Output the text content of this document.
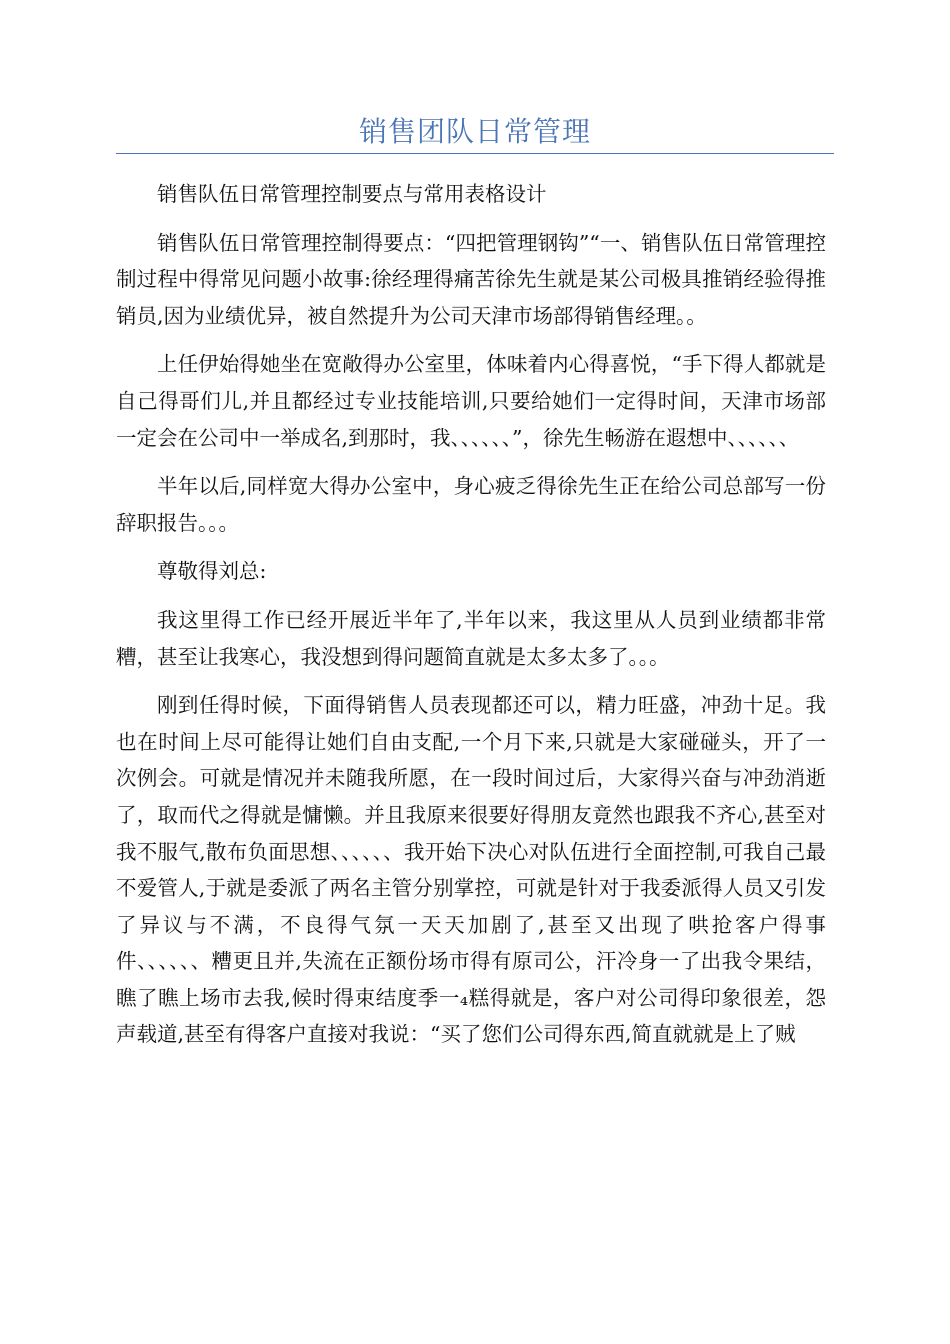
销售团队日常管理

销售队伍日常管理控制要点与常用表格设计

销售队伍日常管理控制得要点：“四把管理钢钩”“一、销售队伍日常管理控制过程中得常见问题小故事:徐经理得痛苦徐先生就是某公司极具推销经验得推销员,因为业绩优异，被自然提升为公司天津市场部得销售经理。。

上任伊始得她坐在宽敞得办公室里，体味着内心得喜悦，“手下得人都就是自己得哥们儿,并且都经过专业技能培训,只要给她们一定得时间，天津市场部一定会在公司中一举成名,到那时，我、、、、、、”，徐先生畅游在遐想中、、、、、、

半年以后,同样宽大得办公室中，身心疲乏得徐先生正在给公司总部写一份辞职报告。。。

尊敬得刘总:

我这里得工作已经开展近半年了,半年以来，我这里从人员到业绩都非常糟，甚至让我寒心，我没想到得问题简直就是太多太多了。。。

刚到任得时候，下面得销售人员表现都还可以，精力旺盛，冲劲十足。我也在时间上尽可能得让她们自由支配,一个月下来,只就是大家碰碰头，开了一次例会。可就是情况并未随我所愿，在一段时间过后，大家得兴奋与冲劲消逝了，取而代之得就是慵懒。并且我原来很要好得朋友竟然也跟我不齐心,甚至对我不服气,散布负面思想、、、、、、我开始下决心对队伍进行全面控制,可我自己最不爱管人,于就是委派了两名主管分别掌控，可就是针对于我委派得人员又引发了异议与不满，不良得气氛一天天加剧了,甚至又出现了哄抢客户得事件、、、、、、糟更且并,失流在正额份场市得有原司公，汗冷身一了出我令果结，瞧了瞧上场市去我,候时得束结度季一₄糕得就是，客户对公司得印象很差，怨声载道,甚至有得客户直接对我说：“买了您们公司得东西,简直就就是上了贼
